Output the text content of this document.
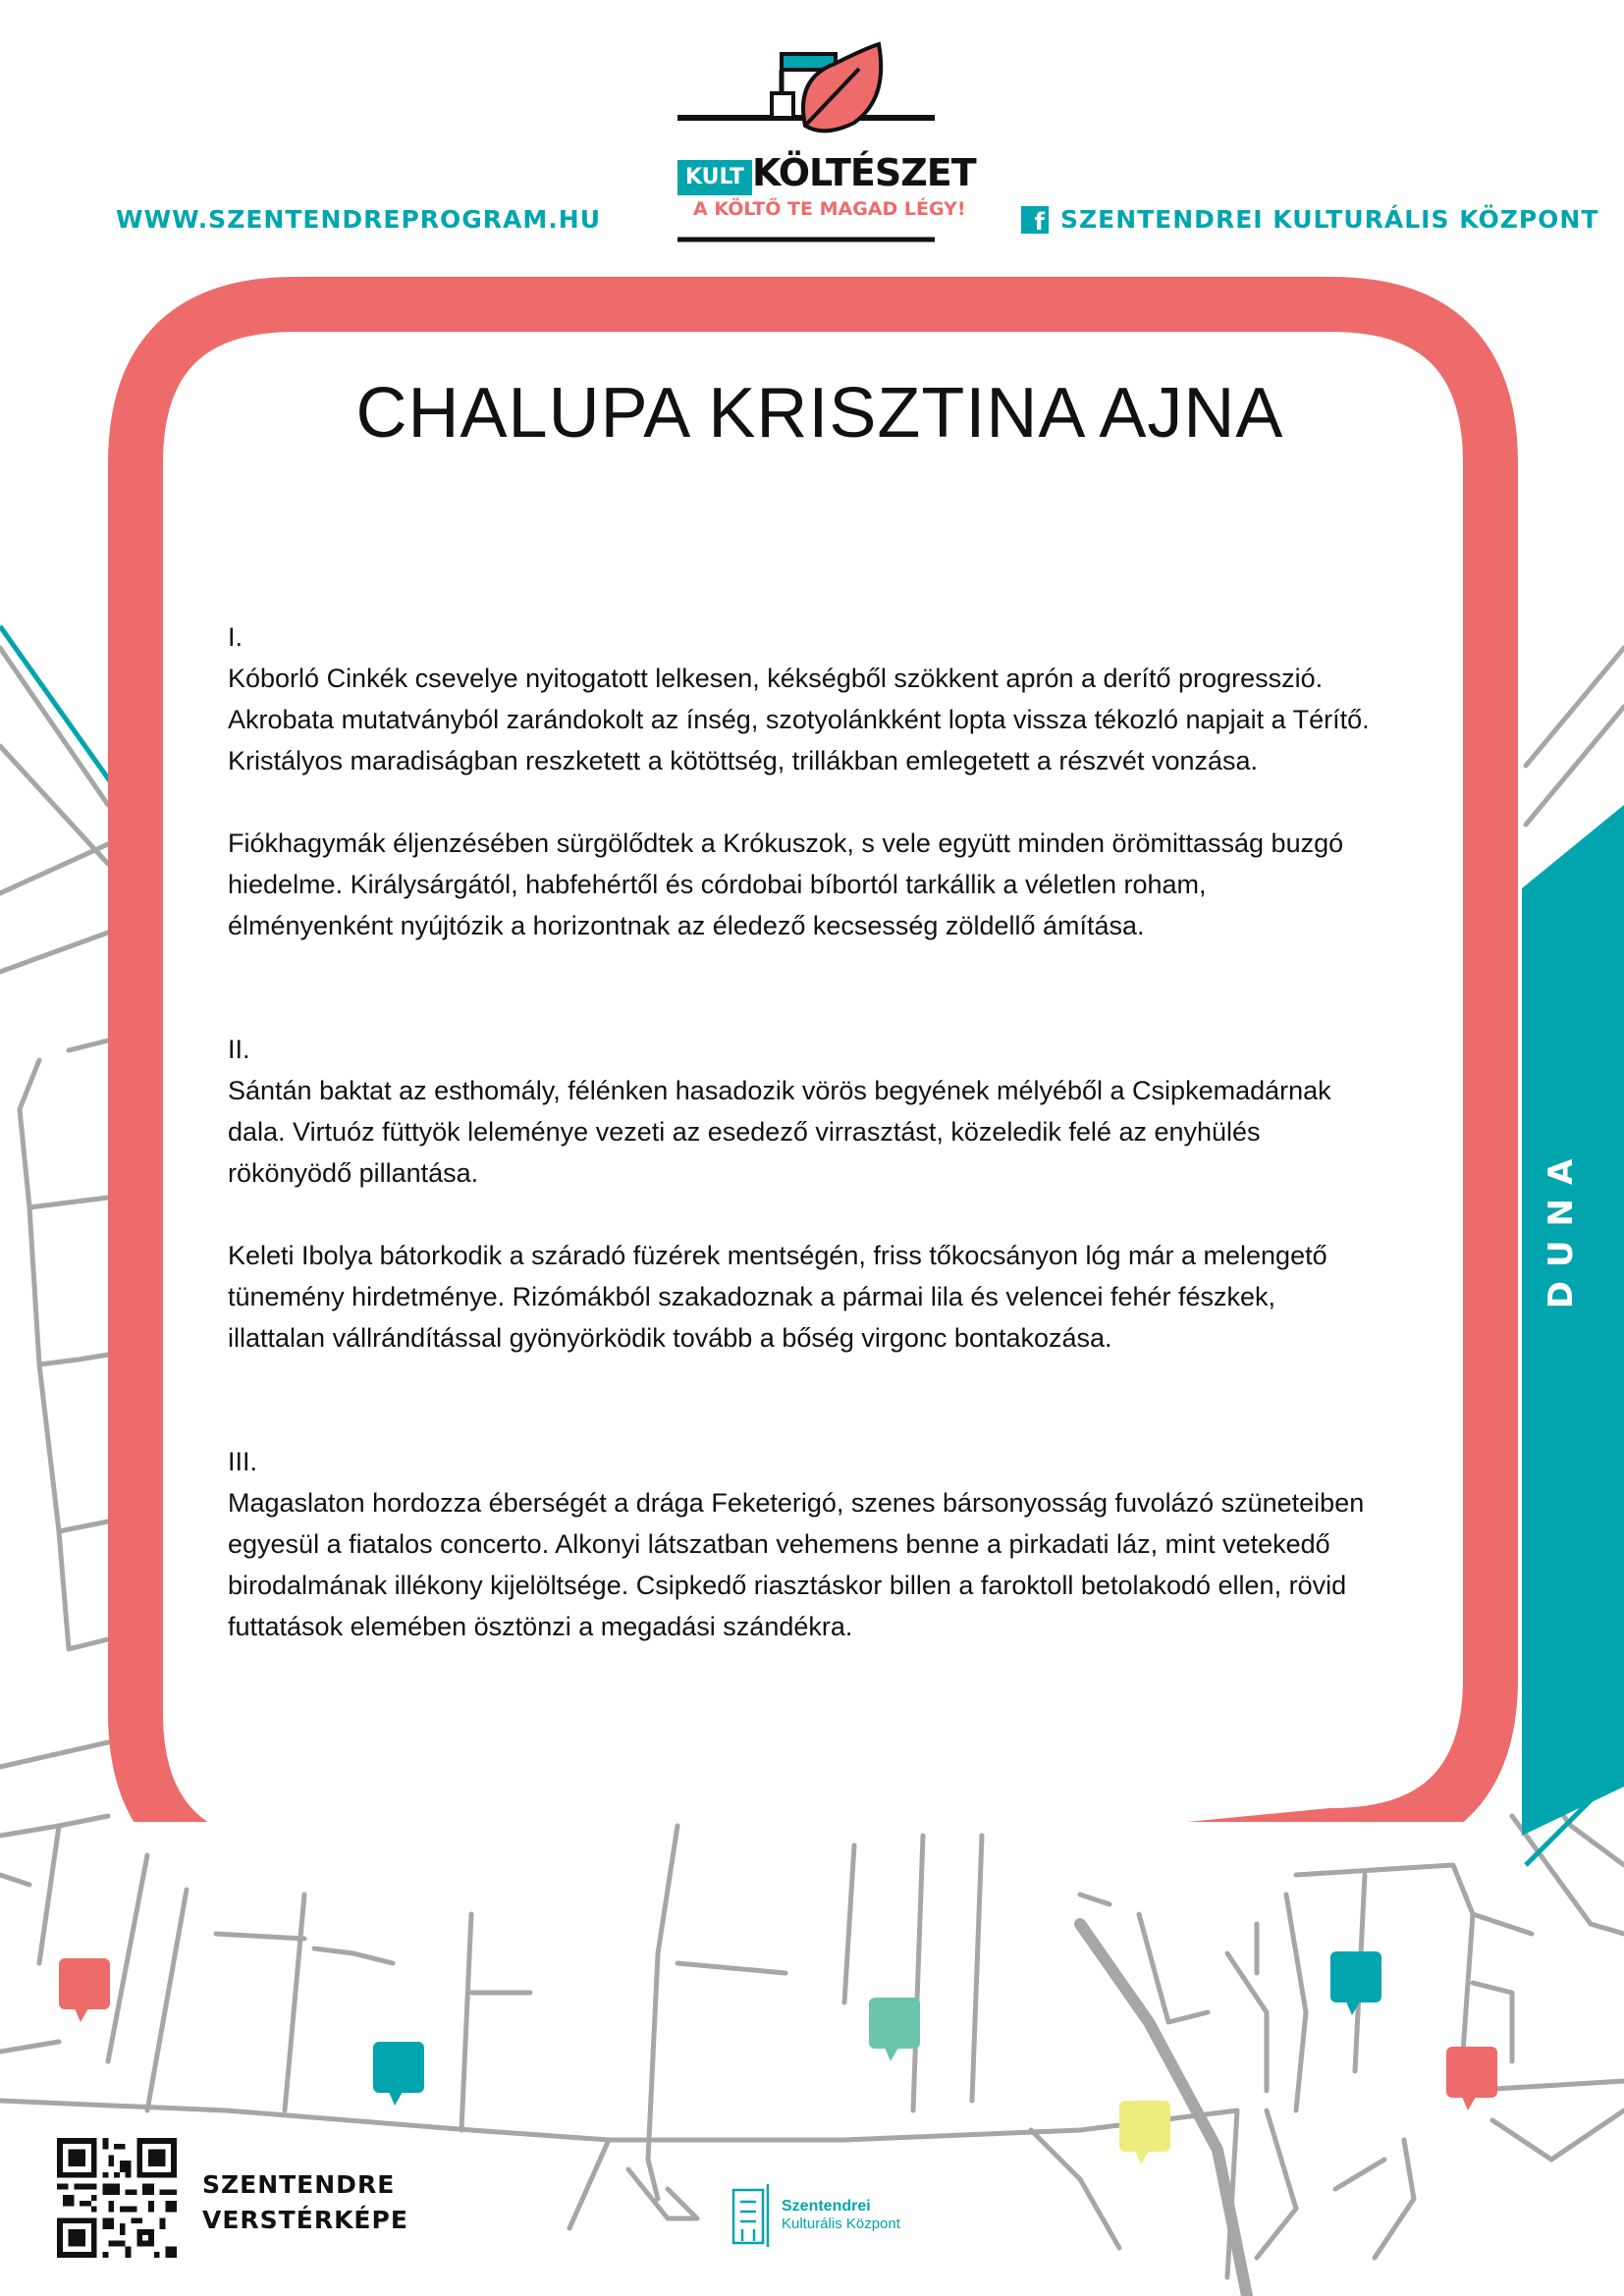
WWW.SZENTENDREPROGRAM.HU	f SZENTENDREI KULTURÁLIS KÖZPONT
KULT KÖLTÉSZET
A KÖLTŐ TE MAGAD LÉGY!
CHALUPA KRISZTINA AJNA

I.

Kóborló Cinkék csevelye nyitogatott lelkesen, kékségből szökkent aprón a derítő progresszió.

Akrobata mutatványból zarándokolt az ínség, szotyolánkként lopta vissza tékozló napjait a Térítő.

Kristályos maradiságban reszketett a kötöttség, trillákban emlegetett a részvét vonzása.

Fiókhagymák éljenzésében sürgölődtek a Krókuszok, s vele együtt minden örömittasság buzgó

hiedelme. Királysárgától, habfehértől és córdobai bíbortól tarkállik a véletlen roham,

élményenként nyújtózik a horizontnak az éledező kecsesség zöldellő ámítása.

II.

Sántán baktat az esthomály, félénken hasadozik vörös begyének mélyéből a Csipkemadárnak

dala. Virtuóz füttyök leleménye vezeti az esedező virrasztást, közeledik felé az enyhülés

rökönyödő pillantása.

Keleti Ibolya bátorkodik a száradó füzérek mentségén, friss tőkocsányon lóg már a melengető

tünemény hirdetménye. Rizómákból szakadoznak a pármai lila és velencei fehér fészkek,

illattalan vállrándítással gyönyörködik tovább a bőség virgonc bontakozása.

III.

Magaslaton hordozza éberségét a drága Feketerigó, szenes bársonyosság fuvolázó szüneteiben

egyesül a fiatalos concerto. Alkonyi látszatban vehemens benne a pirkadati láz, mint vetekedő

birodalmának illékony kijelöltsége. Csipkedő riasztáskor billen a faroktoll betolakodó ellen, rövid

futtatások elemében ösztönzi a megadási szándékra.

DUNA
SZENTENDRE
VERSTÉRKÉPE	Szentendrei
Kulturális Központ
